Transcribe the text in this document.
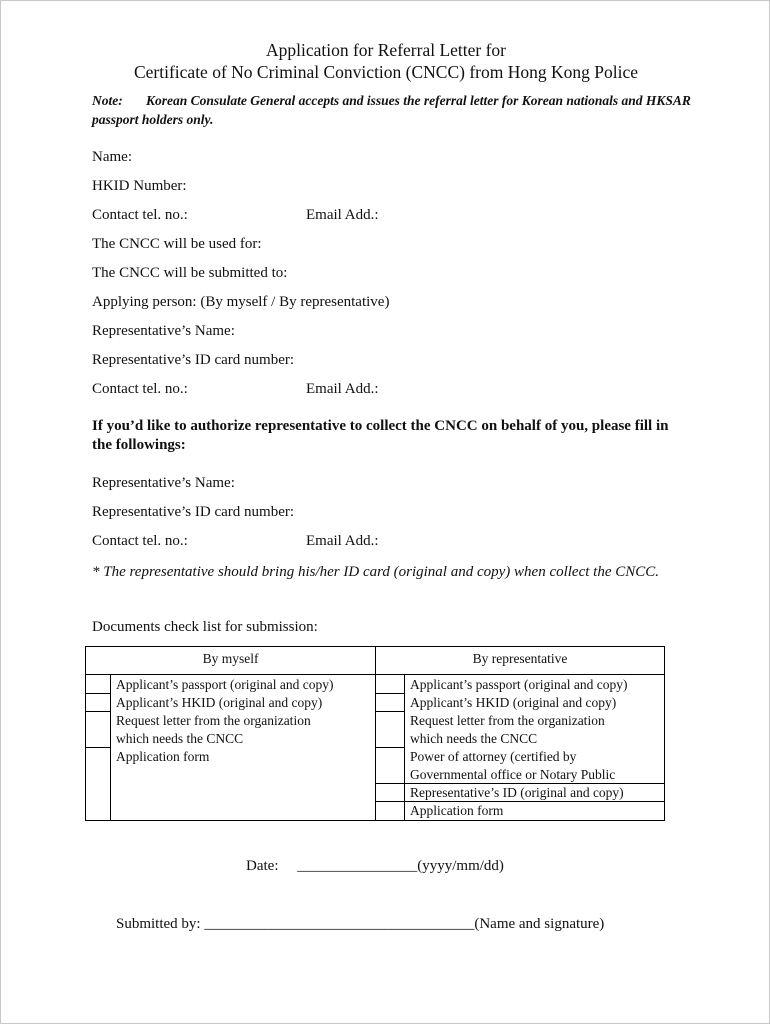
Application for Referral Letter for
Certificate of No Criminal Conviction (CNCC) from Hong Kong Police
Note: Korean Consulate General accepts and issues the referral letter for Korean nationals and HKSAR passport holders only.
Name:
HKID Number:
Contact tel. no.:	Email Add.:
The CNCC will be used for:
The CNCC will be submitted to:
Applying person: (By myself / By representative)
Representative’s Name:
Representative’s ID card number:
Contact tel. no.:	Email Add.:
If you’d like to authorize representative to collect the CNCC on behalf of you, please fill in the followings:
Representative’s Name:
Representative’s ID card number:
Contact tel. no.:	Email Add.:
* The representative should bring his/her ID card (original and copy) when collect the CNCC.
Documents check list for submission:
By myself	By representative
Applicant’s passport (original and copy)
Applicant’s HKID (original and copy)
Request letter from the organization
which needs the CNCC
Application form
Applicant’s passport (original and copy)
Applicant’s HKID (original and copy)
Request letter from the organization
which needs the CNCC
Power of attorney (certified by
Governmental office or Notary Public
Representative’s ID (original and copy)
Application form
Date: ________________(yyyy/mm/dd)
Submitted by: ____________________________________(Name and signature)
